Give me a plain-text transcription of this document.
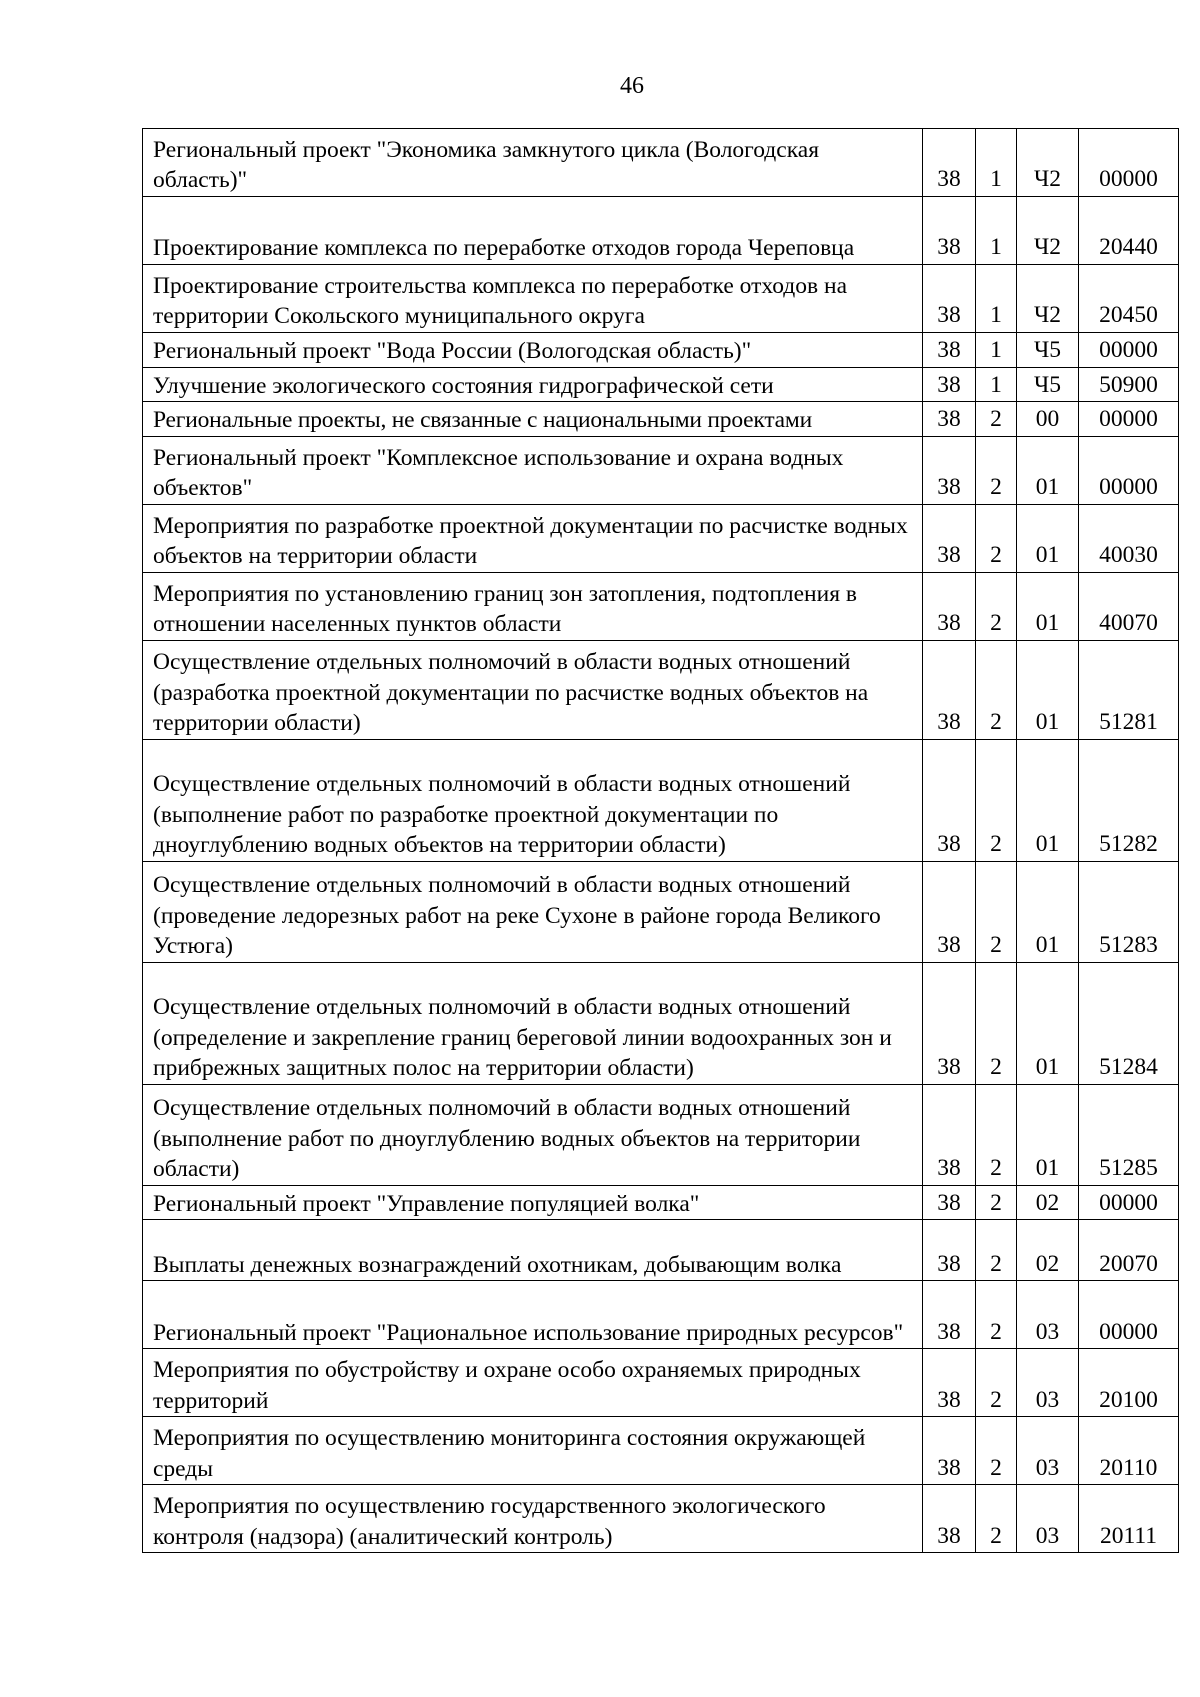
46
Региональный проект "Экономика замкнутого цикла (Вологодская область)"	38	1	Ч2	00000
Проектирование комплекса по переработке отходов города Череповца	38	1	Ч2	20440
Проектирование строительства комплекса по переработке отходов на территории Сокольского муниципального округа	38	1	Ч2	20450
Региональный проект "Вода России (Вологодская область)"	38	1	Ч5	00000
Улучшение экологического состояния гидрографической сети	38	1	Ч5	50900
Региональные проекты, не связанные с национальными проектами	38	2	00	00000
Региональный проект "Комплексное использование и охрана водных объектов"	38	2	01	00000
Мероприятия по разработке проектной документации по расчистке водных объектов на территории области	38	2	01	40030
Мероприятия по установлению границ зон затопления, подтопления в отношении населенных пунктов области	38	2	01	40070
Осуществление отдельных полномочий в области водных отношений (разработка проектной документации по расчистке водных объектов на территории области)	38	2	01	51281
Осуществление отдельных полномочий в области водных отношений (выполнение работ по разработке проектной документации по дноуглублению водных объектов на территории области)	38	2	01	51282
Осуществление отдельных полномочий в области водных отношений (проведение ледорезных работ на реке Сухоне в районе города Великого Устюга)	38	2	01	51283
Осуществление отдельных полномочий в области водных отношений (определение и закрепление границ береговой линии водоохранных зон и прибрежных защитных полос на территории области)	38	2	01	51284
Осуществление отдельных полномочий в области водных отношений (выполнение работ по дноуглублению водных объектов на территории области)	38	2	01	51285
Региональный проект "Управление популяцией волка"	38	2	02	00000
Выплаты денежных вознаграждений охотникам, добывающим волка	38	2	02	20070
Региональный проект "Рациональное использование природных ресурсов"	38	2	03	00000
Мероприятия по обустройству и охране особо охраняемых природных территорий	38	2	03	20100
Мероприятия по осуществлению мониторинга состояния окружающей среды	38	2	03	20110
Мероприятия по осуществлению государственного экологического контроля (надзора) (аналитический контроль)	38	2	03	20111
